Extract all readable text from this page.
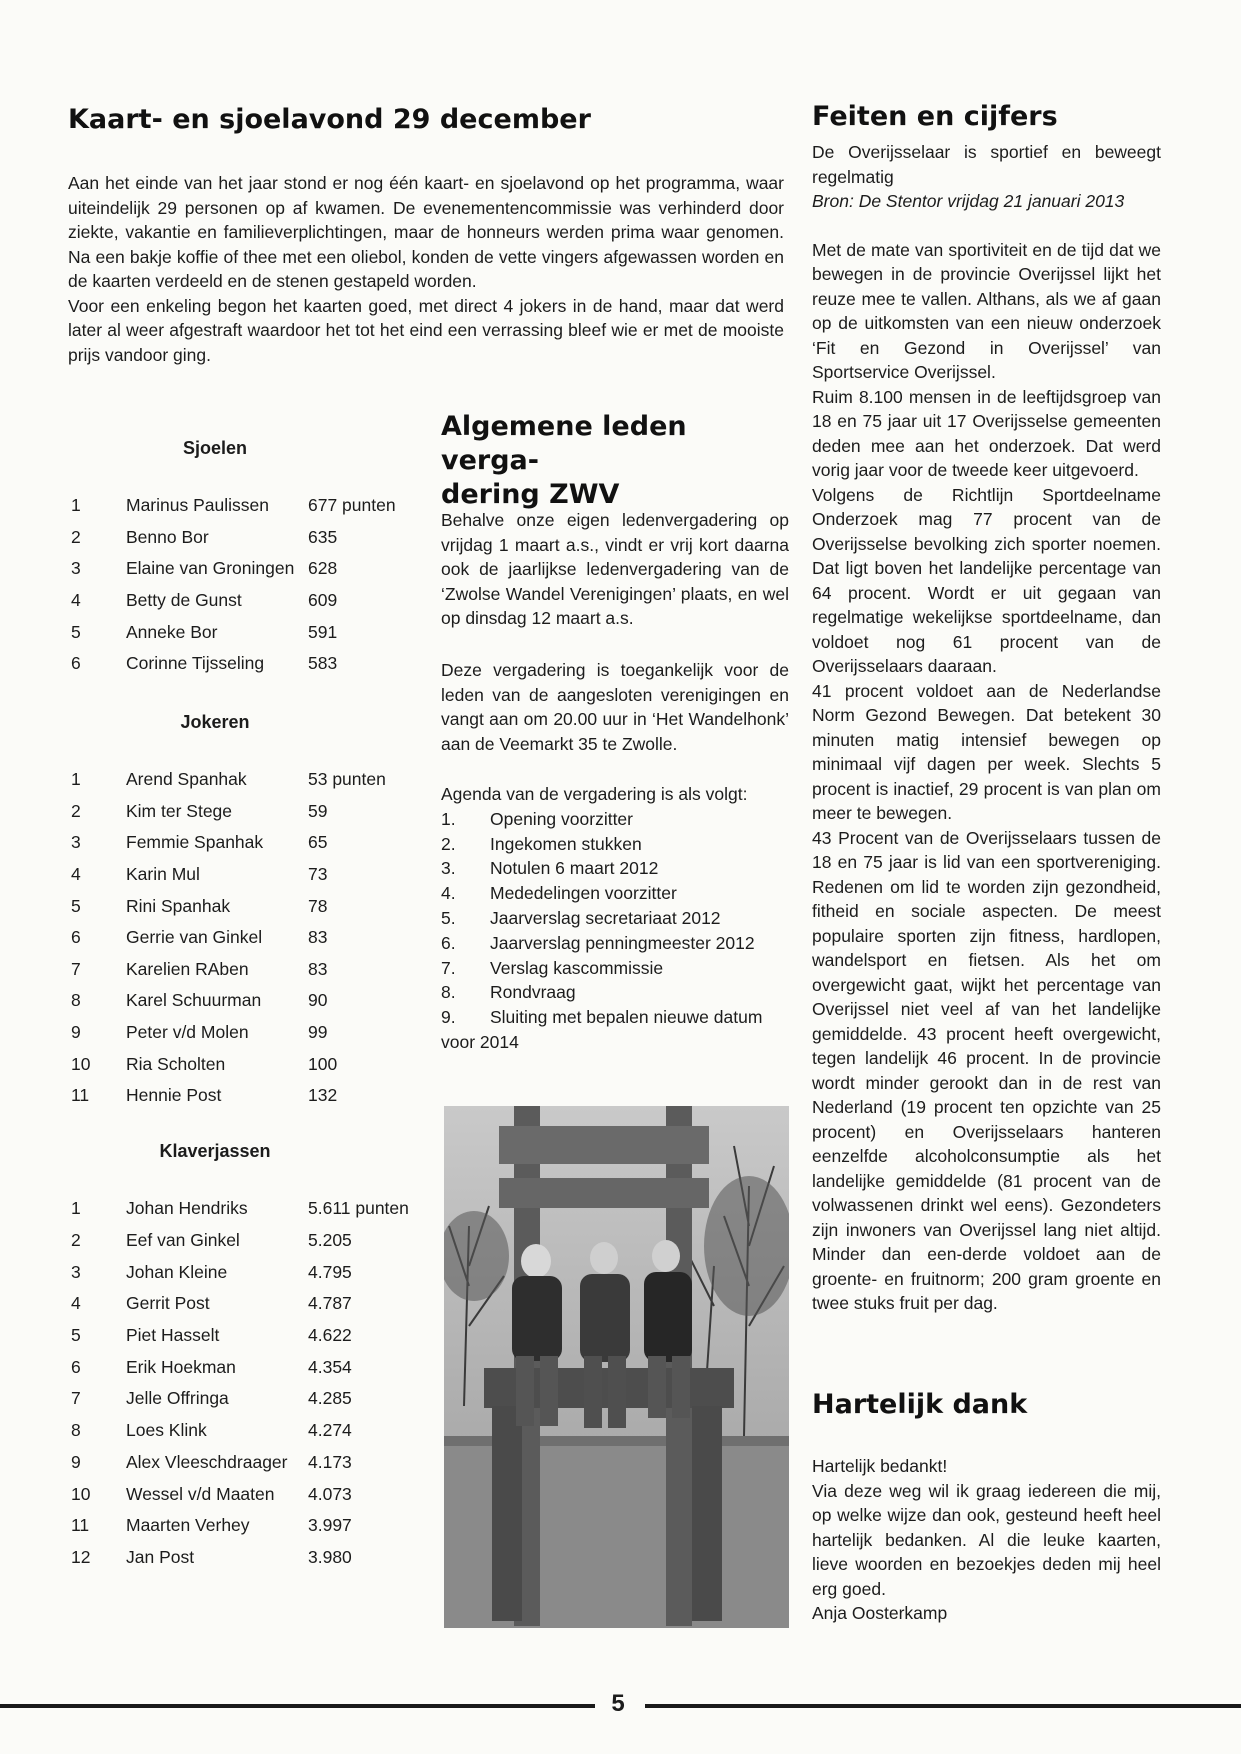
Kaart- en sjoelavond 29 december

Aan het einde van het jaar stond er nog één kaart- en sjoelavond op het programma, waar uiteindelijk 29 personen op af kwamen. De evenementencommissie was verhinderd door ziekte, vakantie en familieverplichtingen, maar de honneurs werden prima waar genomen. Na een bakje koffie of thee met een oliebol, konden de vette vingers afgewassen worden en de kaarten verdeeld en de stenen gestapeld worden.

Voor een enkeling begon het kaarten goed, met direct 4 jokers in de hand, maar dat werd later al weer afgestraft waardoor het tot het eind een verrassing bleef wie er met de mooiste prijs vandoor ging.

Sjoelen
1	Marinus Paulissen	677 punten
2	Benno Bor	635
3	Elaine van Groningen 628
4	Betty de Gunst	609
5	Anneke Bor	591
6	Corinne Tijsseling	583
Jokeren
1	Arend Spanhak	53 punten
2	Kim ter Stege	59
3	Femmie Spanhak	65
4	Karin Mul	73
5	Rini Spanhak	78
6	Gerrie van Ginkel	83
7	Karelien RAben	83
8	Karel Schuurman	90
9	Peter v/d Molen	99
10	Ria Scholten	100
11	Hennie Post	132
Klaverjassen
1	Johan Hendriks	5.611 punten
2	Eef van Ginkel	5.205
3	Johan Kleine	4.795
4	Gerrit Post	4.787
5	Piet Hasselt	4.622
6	Erik Hoekman	4.354
7	Jelle Offringa	4.285
8	Loes Klink	4.274
9	Alex Vleeschdraager	4.173
10	Wessel v/d Maaten	4.073
11	Maarten Verhey	3.997
12	Jan Post	3.980
Algemene leden verga-
dering ZWV

Behalve onze eigen ledenvergadering op vrijdag 1 maart a.s., vindt er vrij kort daarna ook de jaarlijkse ledenvergadering van de ‘Zwolse Wandel Verenigingen’ plaats, en wel op dinsdag 12 maart a.s.

Deze vergadering is toegankelijk voor de leden van de aangesloten verenigingen en vangt aan om 20.00 uur in ‘Het Wandelhonk’ aan de Veemarkt 35 te Zwolle.

Agenda van de vergadering is als volgt:
1.	Opening voorzitter
2.	Ingekomen stukken
3.	Notulen 6 maart 2012
4.	Mededelingen voorzitter
5.	Jaarverslag secretariaat 2012
6.	Jaarverslag penningmeester 2012
7.	Verslag kascommissie
8.	Rondvraag
9.	Sluiting met bepalen nieuwe datum
voor 2014
Feiten en cijfers

De Overijsselaar is sportief en beweegt regelmatig

Bron: De Stentor vrijdag 21 januari 2013

Met de mate van sportiviteit en de tijd dat we bewegen in de provincie Overijssel lijkt het reuze mee te vallen. Althans, als we af gaan op de uitkomsten van een nieuw onderzoek ‘Fit en Gezond in Overijssel’ van Sportservice Overijssel.

Ruim 8.100 mensen in de leeftijdsgroep van 18 en 75 jaar uit 17 Overijsselse gemeenten deden mee aan het onderzoek. Dat werd vorig jaar voor de tweede keer uitgevoerd.

Volgens de Richtlijn Sportdeelname Onderzoek mag 77 procent van de Overijsselse bevolking zich sporter noemen. Dat ligt boven het landelijke percentage van 64 procent. Wordt er uit gegaan van regelmatige wekelijkse sportdeelname, dan voldoet nog 61 procent van de Overijsselaars daaraan.

41 procent voldoet aan de Nederlandse Norm Gezond Bewegen. Dat betekent 30 minuten matig intensief bewegen op minimaal vijf dagen per week. Slechts 5 procent is inactief, 29 procent is van plan om meer te bewegen.

43 Procent van de Overijsselaars tussen de 18 en 75 jaar is lid van een sportvereniging. Redenen om lid te worden zijn gezondheid, fitheid en sociale aspecten. De meest populaire sporten zijn fitness, hardlopen, wandelsport en fietsen. Als het om overgewicht gaat, wijkt het percentage van Overijssel niet veel af van het landelijke gemiddelde. 43 procent heeft overgewicht, tegen landelijk 46 procent. In de provincie wordt minder gerookt dan in de rest van Nederland (19 procent ten opzichte van 25 procent) en Overijsselaars hanteren eenzelfde alcoholconsumptie als het landelijke gemiddelde (81 procent van de volwassenen drinkt wel eens). Gezondeters zijn inwoners van Overijssel lang niet altijd. Minder dan een-derde voldoet aan de groente- en fruitnorm; 200 gram groente en twee stuks fruit per dag.

Hartelijk dank

Hartelijk bedankt!

Via deze weg wil ik graag iedereen die mij, op welke wijze dan ook, gesteund heeft heel hartelijk bedanken. Al die leuke kaarten, lieve woorden en bezoekjes deden mij heel erg goed.

Anja Oosterkamp

5
